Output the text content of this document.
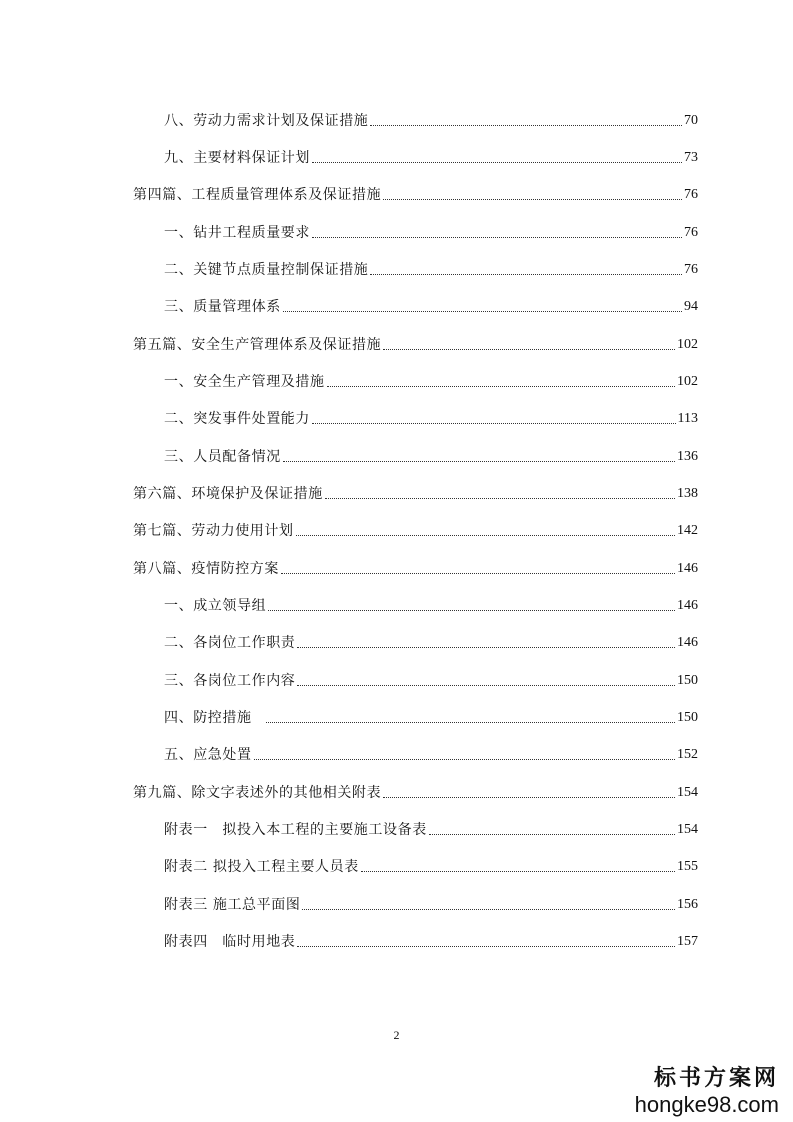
八、劳动力需求计划及保证措施	70
九、主要材料保证计划	73
第四篇、工程质量管理体系及保证措施	76
一、钻井工程质量要求	76
二、关键节点质量控制保证措施	76
三、质量管理体系	94
第五篇、安全生产管理体系及保证措施	102
一、安全生产管理及措施	102
二、突发事件处置能力	113
三、人员配备情况	136
第六篇、环境保护及保证措施	138
第七篇、劳动力使用计划	142
第八篇、疫情防控方案	146
一、成立领导组	146
二、各岗位工作职责	146
三、各岗位工作内容	150
四、防控措施	150
五、应急处置	152
第九篇、除文字表述外的其他相关附表	154
附表一　拟投入本工程的主要施工设备表	154
附表二 拟投入工程主要人员表	155
附表三 施工总平面图	156
附表四　临时用地表	157
2
标书方案网
hongke98.com
